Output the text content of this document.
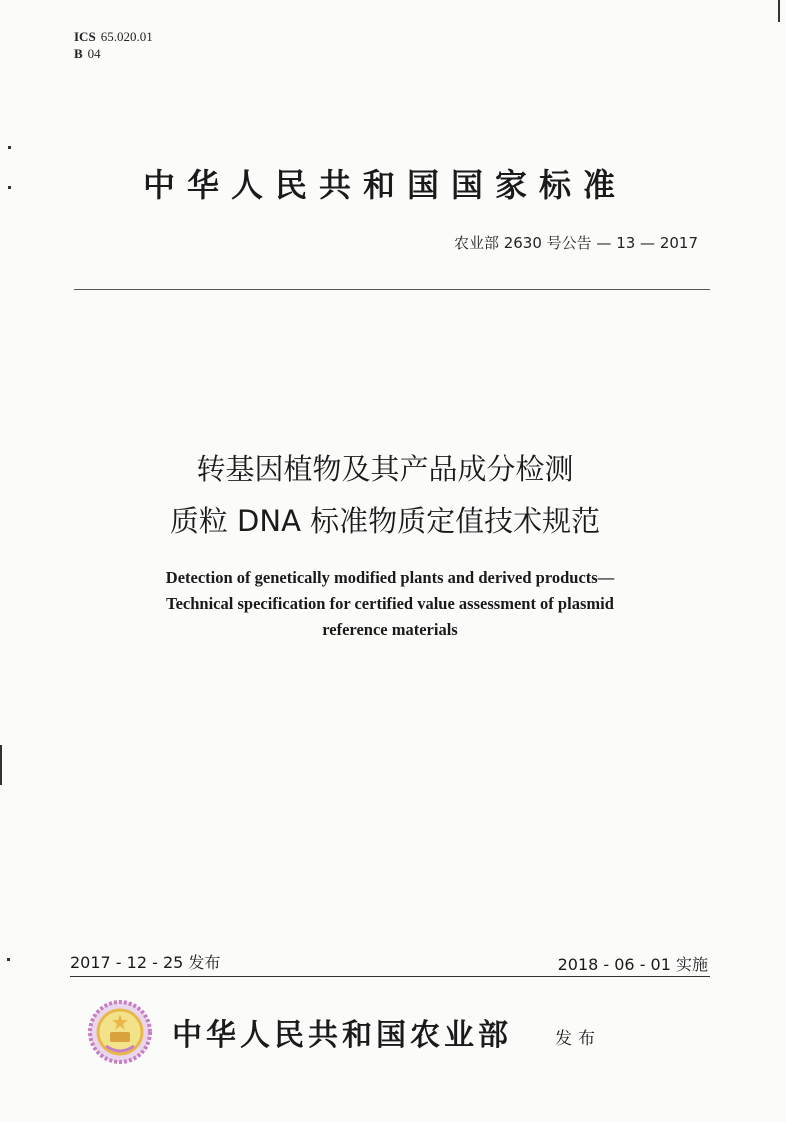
ICS 65.020.01
B 04
中华人民共和国国家标准
农业部 2630 号公告 — 13 — 2017
转基因植物及其产品成分检测
质粒 DNA 标准物质定值技术规范
Detection of genetically modified plants and derived products—
Technical specification for certified value assessment of plasmid
reference materials
2017 - 12 - 25 发布	2018 - 06 - 01 实施
中华人民共和国农业部	发布
